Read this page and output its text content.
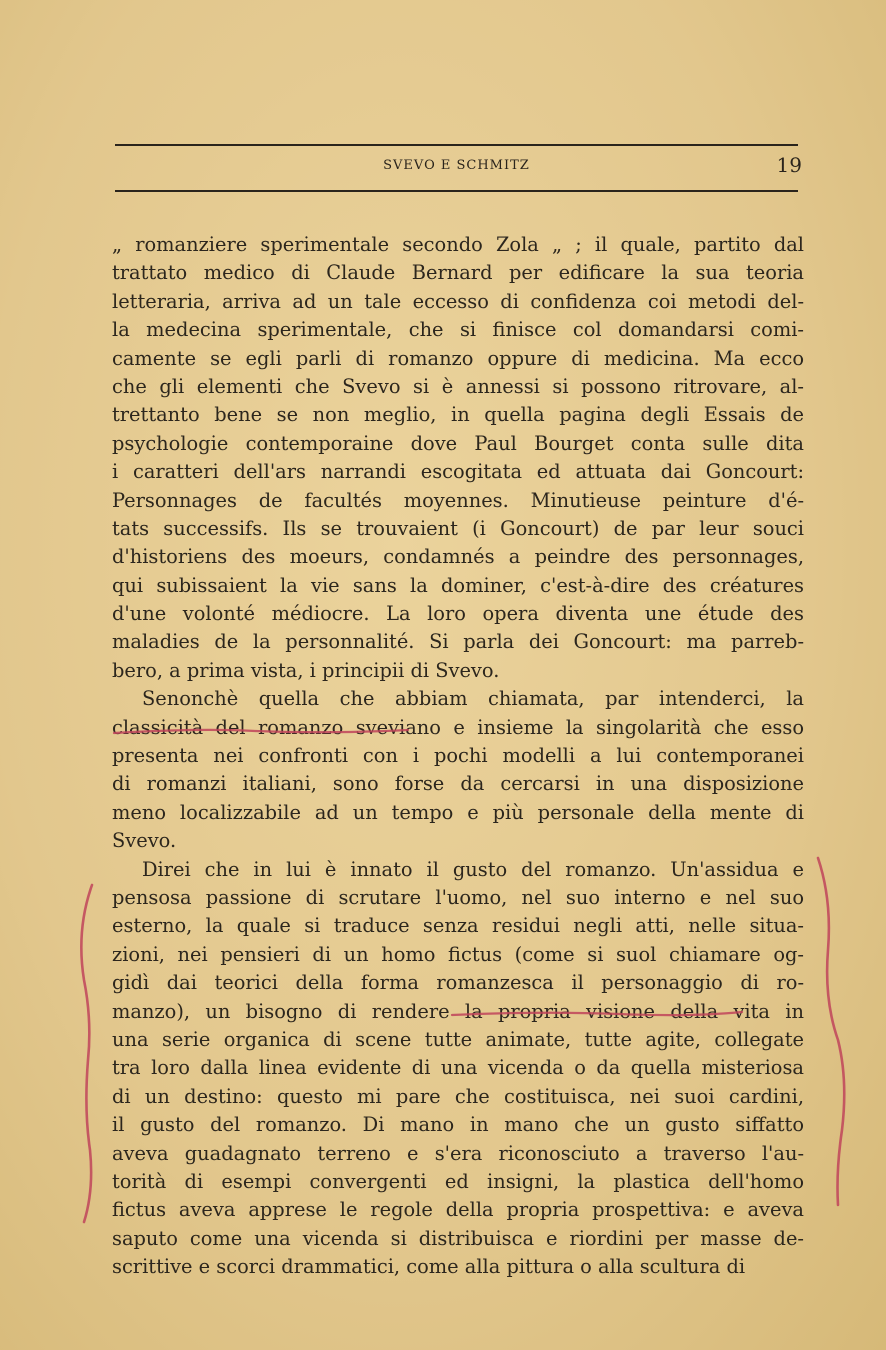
SVEVO E SCHMITZ	19
„ romanziere sperimentale secondo Zola „ ; il quale, partito dal
trattato medico di Claude Bernard per edificare la sua teoria
letteraria, arriva ad un tale eccesso di confidenza coi metodi del-
la medecina sperimentale, che si finisce col domandarsi comi-
camente se egli parli di romanzo oppure di medicina. Ma ecco
che gli elementi che Svevo si è annessi si possono ritrovare, al-
trettanto bene se non meglio, in quella pagina degli Essais de
psychologie contemporaine dove Paul Bourget conta sulle dita
i caratteri dell'ars narrandi escogitata ed attuata dai Goncourt:
Personnages de facultés moyennes. Minutieuse peinture d'é-
tats successifs. Ils se trouvaient (i Goncourt) de par leur souci
d'historiens des moeurs, condamnés a peindre des personnages,
qui subissaient la vie sans la dominer, c'est-à-dire des créatures
d'une volonté médiocre. La loro opera diventa une étude des
maladies de la personnalité. Si parla dei Goncourt: ma parreb-
bero, a prima vista, i principii di Svevo.
Senonchè quella che abbiam chiamata, par intenderci, la
classicità del romanzo sveviano e insieme la singolarità che esso
presenta nei confronti con i pochi modelli a lui contemporanei
di romanzi italiani, sono forse da cercarsi in una disposizione
meno localizzabile ad un tempo e più personale della mente di
Svevo.
Direi che in lui è innato il gusto del romanzo. Un'assidua e
pensosa passione di scrutare l'uomo, nel suo interno e nel suo
esterno, la quale si traduce senza residui negli atti, nelle situa-
zioni, nei pensieri di un homo fictus (come si suol chiamare og-
gidì dai teorici della forma romanzesca il personaggio di ro-
manzo), un bisogno di rendere la propria visione della vita in
una serie organica di scene tutte animate, tutte agite, collegate
tra loro dalla linea evidente di una vicenda o da quella misteriosa
di un destino: questo mi pare che costituisca, nei suoi cardini,
il gusto del romanzo. Di mano in mano che un gusto siffatto
aveva guadagnato terreno e s'era riconosciuto a traverso l'au-
torità di esempi convergenti ed insigni, la plastica dell'homo
fictus aveva apprese le regole della propria prospettiva: e aveva
saputo come una vicenda si distribuisca e riordini per masse de-
scrittive e scorci drammatici, come alla pittura o alla scultura di
